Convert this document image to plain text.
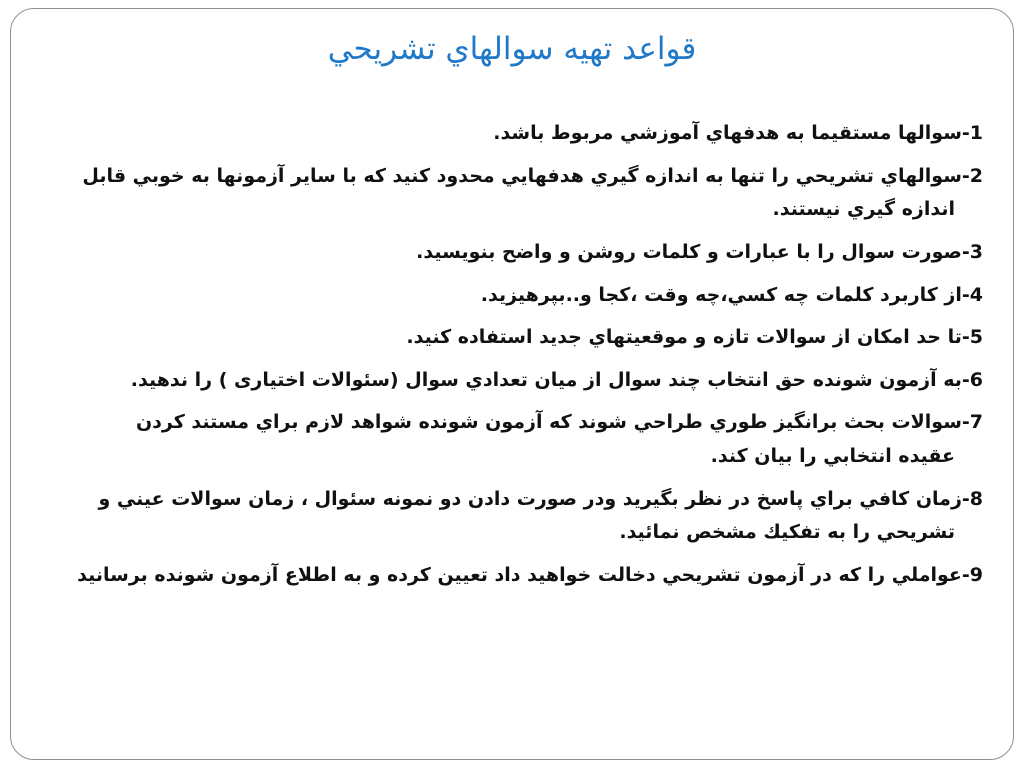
قواعد تهيه سوالهاي تشريحي
1-سوالها مستقيما به هدفهاي آموزشي مربوط باشد.
2-سوالهاي تشريحي را تنها به اندازه گيري هدفهايي محدود كنيد كه با ساير آزمونها به خوبي قابل
اندازه گيري نيستند.
3-صورت سوال را با عبارات و كلمات روشن و واضح بنويسيد.
4-از كاربرد كلمات چه كسي،چه وقت ،كجا و..بپرهيزيد.
5-تا حد امكان از سوالات تازه و موقعيتهاي جديد استفاده كنيد.
6-به آزمون شونده حق انتخاب چند سوال از ميان تعدادي سوال (سئوالات اختیاری ) را ندهيد.
7-سوالات بحث برانگيز طوري طراحي شوند كه آزمون شونده شواهد لازم براي مستند كردن
عقيده انتخابي را بيان كند.
8-زمان كافي براي پاسخ در نظر بگيريد ودر صورت دادن دو نمونه سئوال ، زمان سوالات عيني و
تشريحي را به تفكيك مشخص نمائيد.
9-عواملي را كه در آزمون تشريحي دخالت خواهيد داد تعيين كرده و به اطلاع آزمون شونده برسانيد
